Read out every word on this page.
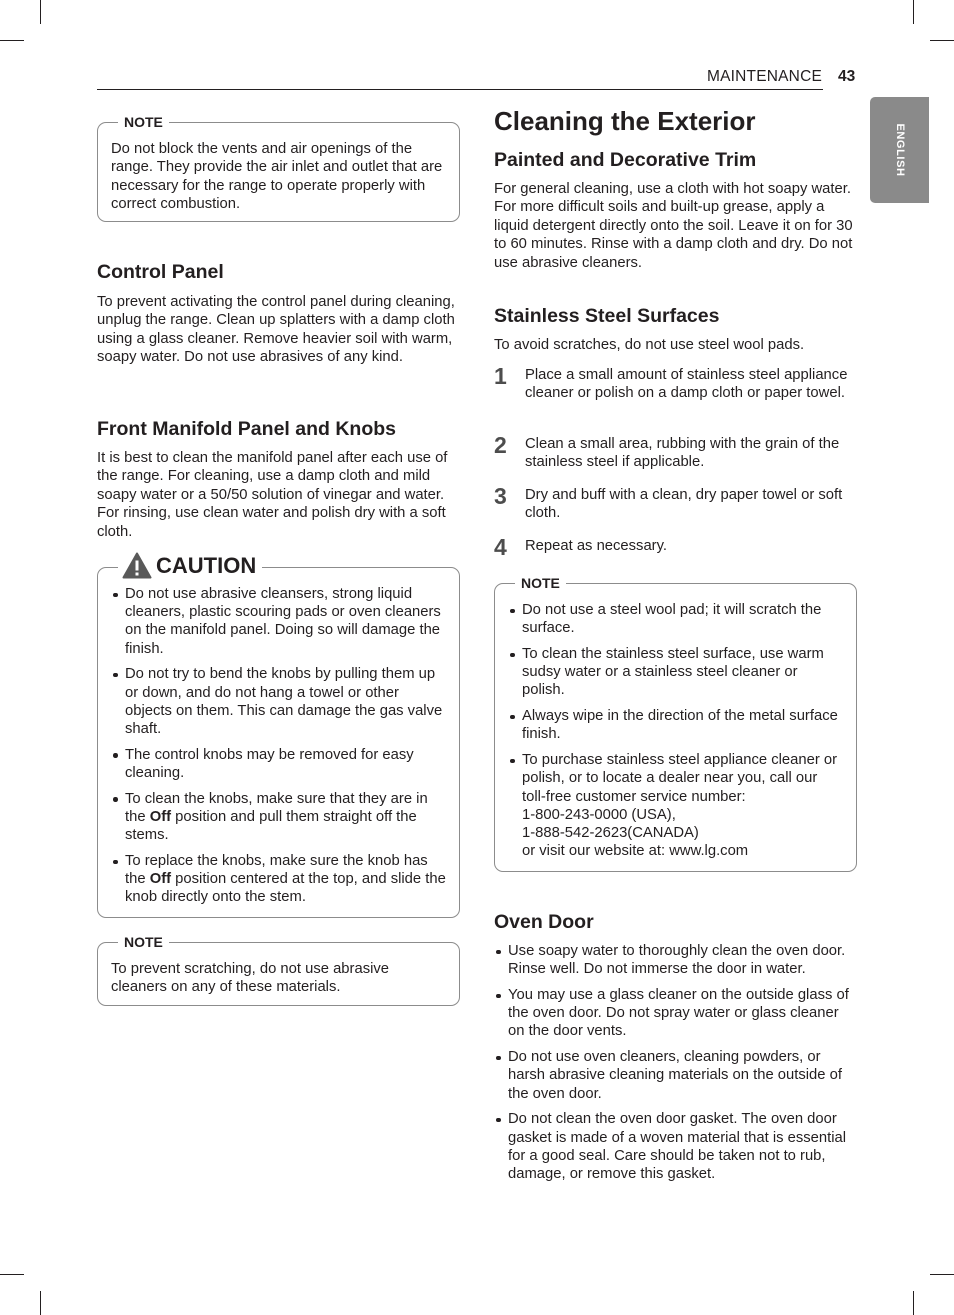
MAINTENANCE 43
ENGLISH
NOTE

Do not block the vents and air openings of the range. They provide the air inlet and outlet that are necessary for the range to operate properly with correct combustion.

Control Panel

To prevent activating the control panel during cleaning, unplug the range. Clean up splatters with a damp cloth using a glass cleaner. Remove heavier soil with warm, soapy water. Do not use abrasives of any kind.

Front Manifold Panel and Knobs

It is best to clean the manifold panel after each use of the range. For cleaning, use a damp cloth and mild soapy water or a 50/50 solution of vinegar and water. For rinsing, use clean water and polish dry with a soft cloth.

CAUTION
Do not use abrasive cleansers, strong liquid cleaners, plastic scouring pads or oven cleaners on the manifold panel. Doing so will damage the finish.
Do not try to bend the knobs by pulling them up or down, and do not hang a towel or other objects on them. This can damage the gas valve shaft.
The control knobs may be removed for easy cleaning.
To clean the knobs, make sure that they are in the Off position and pull them straight off the stems.
To replace the knobs, make sure the knob has the Off position centered at the top, and slide the knob directly onto the stem.
NOTE

To prevent scratching, do not use abrasive cleaners on any of these materials.

Cleaning the Exterior
Painted and Decorative Trim

For general cleaning, use a cloth with hot soapy water. For more difficult soils and built-up grease, apply a liquid detergent directly onto the soil. Leave it on for 30 to 60 minutes. Rinse with a damp cloth and dry. Do not use abrasive cleaners.

Stainless Steel Surfaces

To avoid scratches, do not use steel wool pads.

1 Place a small amount of stainless steel appliance cleaner or polish on a damp cloth or paper towel.
2 Clean a small area, rubbing with the grain of the stainless steel if applicable.
3 Dry and buff with a clean, dry paper towel or soft cloth.
4 Repeat as necessary.
NOTE
Do not use a steel wool pad; it will scratch the surface.
To clean the stainless steel surface, use warm sudsy water or a stainless steel cleaner or polish.
Always wipe in the direction of the metal surface finish.
To purchase stainless steel appliance cleaner or polish, or to locate a dealer near you, call our toll-free customer service number:
1-800-243-0000 (USA),
1-888-542-2623(CANADA)
or visit our website at: www.lg.com
Oven Door
Use soapy water to thoroughly clean the oven door. Rinse well. Do not immerse the door in water.
You may use a glass cleaner on the outside glass of the oven door. Do not spray water or glass cleaner on the door vents.
Do not use oven cleaners, cleaning powders, or harsh abrasive cleaning materials on the outside of the oven door.
Do not clean the oven door gasket. The oven door gasket is made of a woven material that is essential for a good seal. Care should be taken not to rub, damage, or remove this gasket.
